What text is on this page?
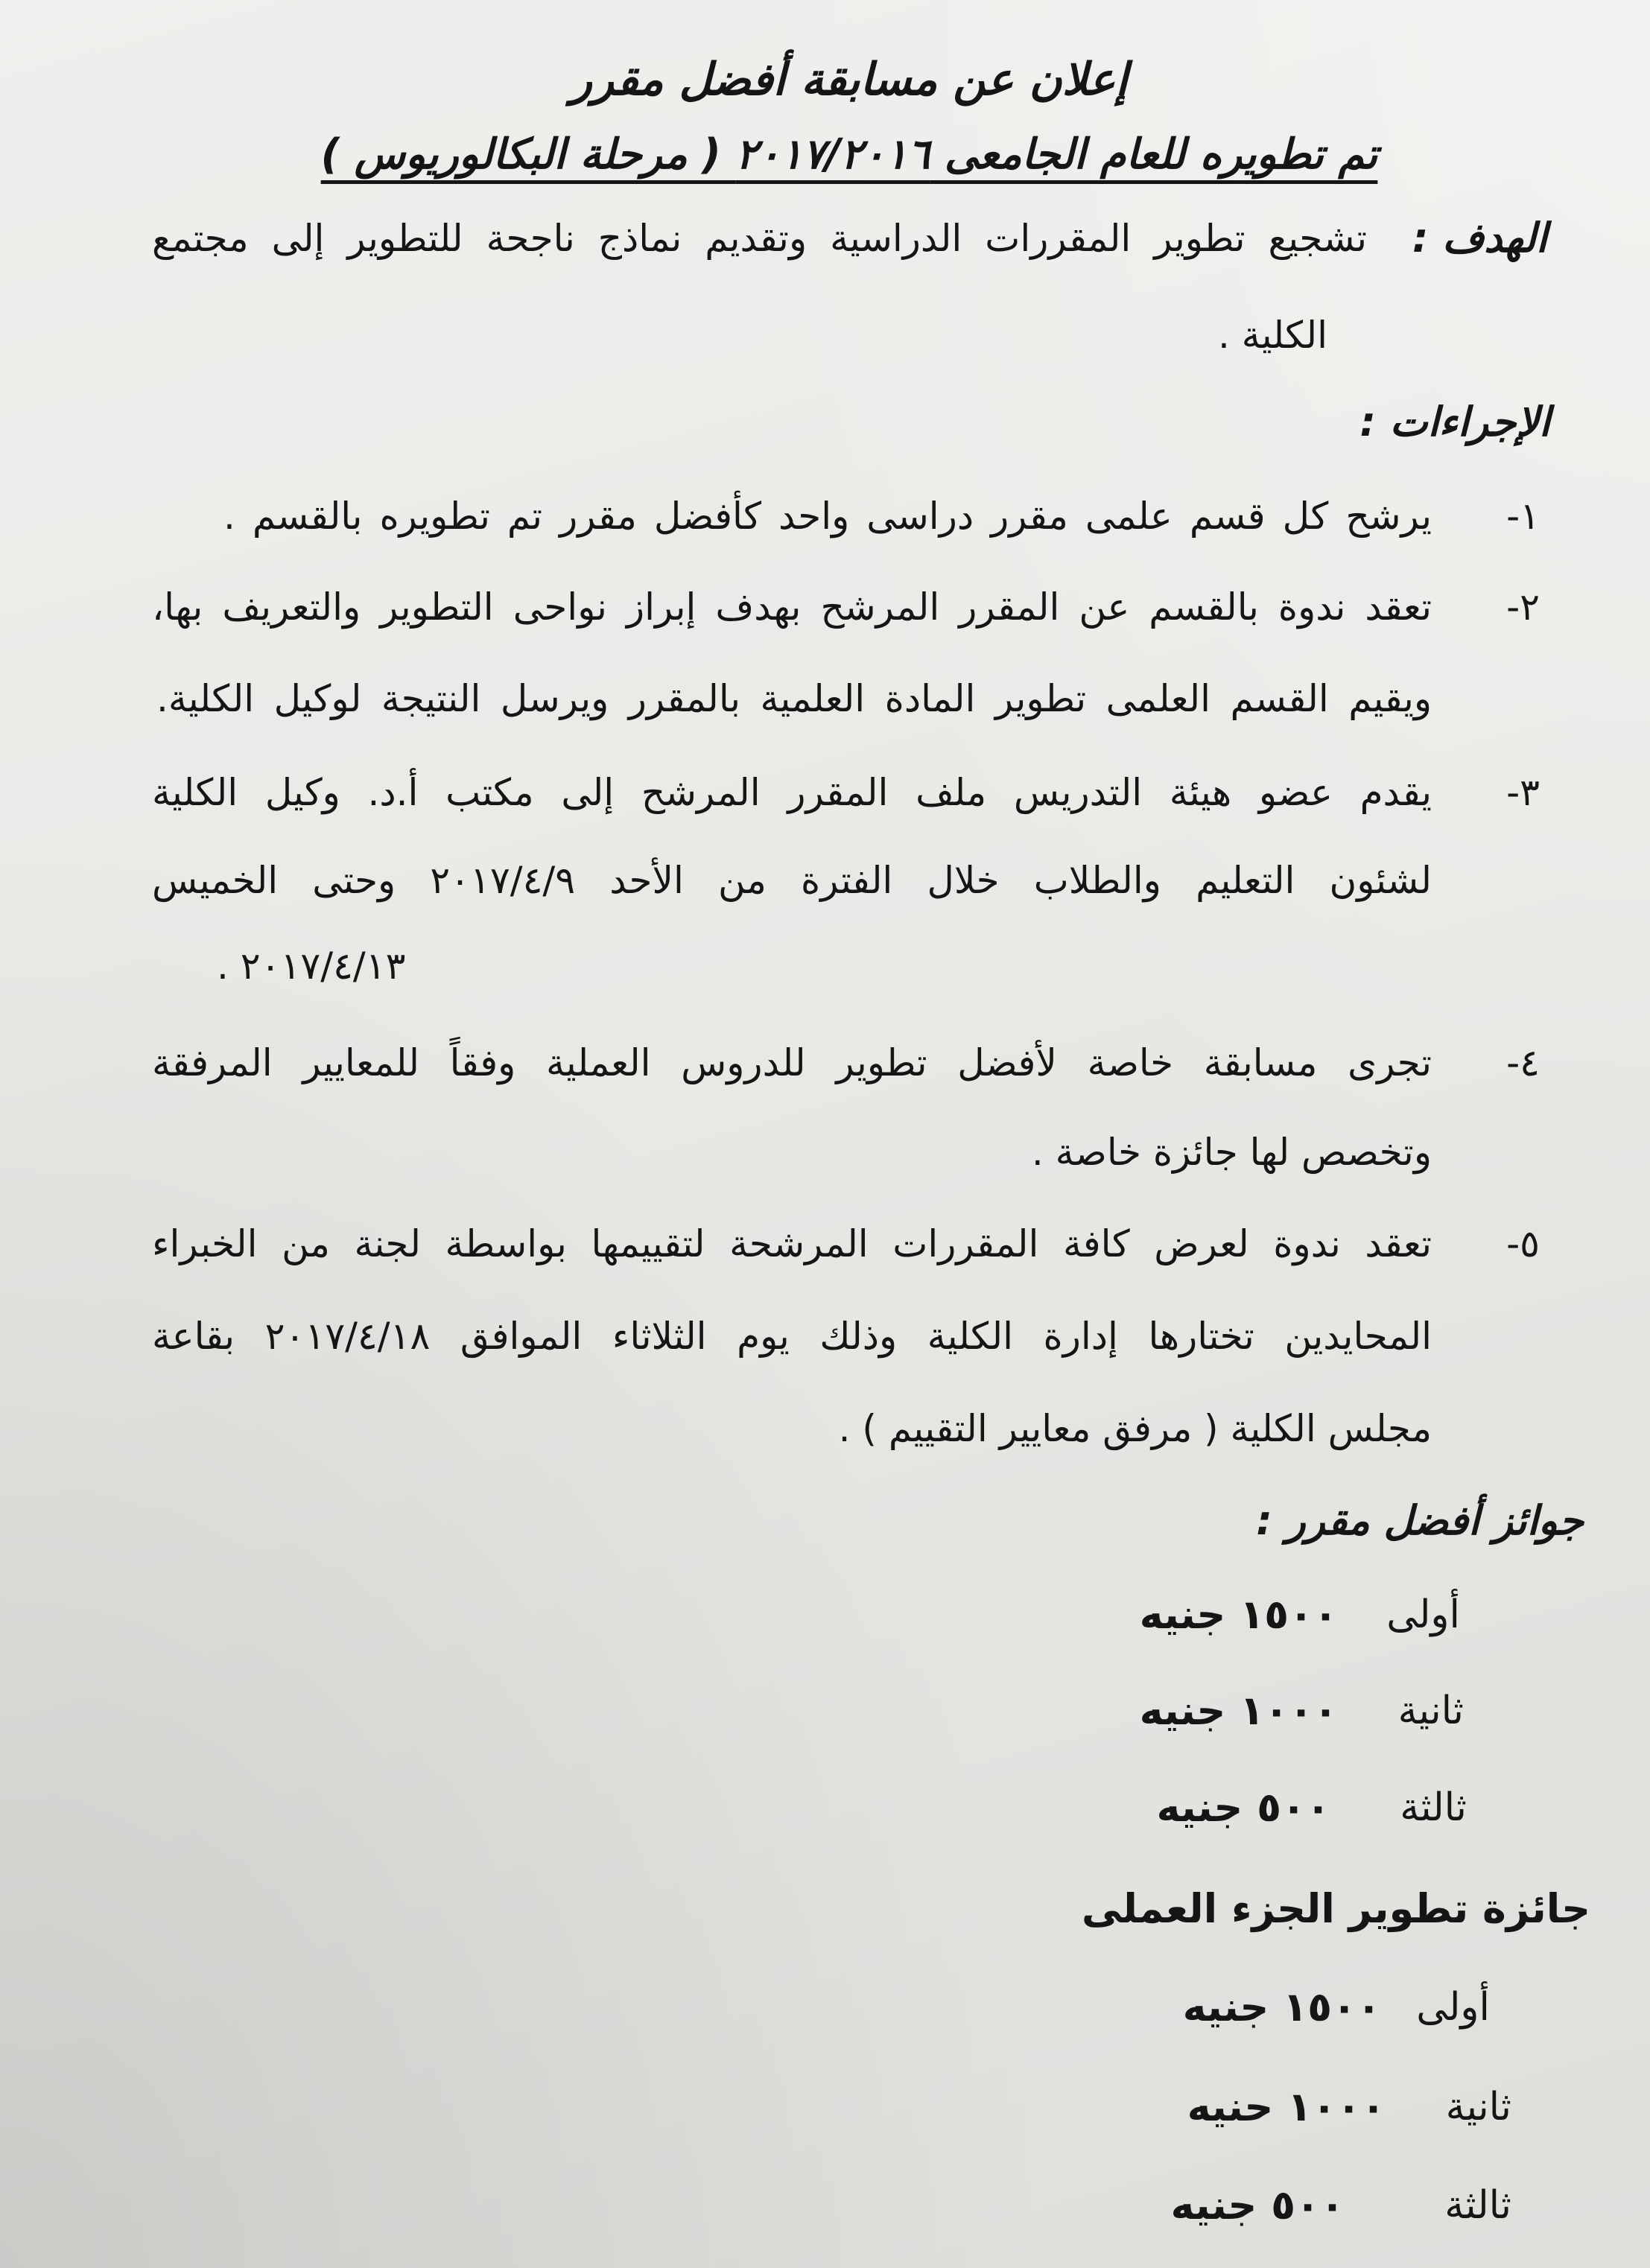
إعلان عن مسابقة أفضل مقرر
تم تطويره للعام الجامعى ٢٠١٧/٢٠١٦ ( مرحلة البكالوريوس )
الهدف :
تشجيع تطوير المقررات الدراسية وتقديم نماذج ناجحة للتطوير إلى مجتمع
الكلية .
الإجراءات :
١-
يرشح كل قسم علمى مقرر دراسى واحد كأفضل مقرر تم تطويره بالقسم .
٢-
تعقد ندوة بالقسم عن المقرر المرشح بهدف إبراز نواحى التطوير والتعريف بها،
ويقيم القسم العلمى تطوير المادة العلمية بالمقرر ويرسل النتيجة لوكيل الكلية.
٣-
يقدم عضو هيئة التدريس ملف المقرر المرشح إلى مكتب أ.د. وكيل الكلية
لشئون التعليم والطلاب خلال الفترة من الأحد ٢٠١٧/٤/٩ وحتى الخميس
٢٠١٧/٤/١٣ .
٤-
تجرى مسابقة خاصة لأفضل تطوير للدروس العملية وفقاً للمعايير المرفقة
وتخصص لها جائزة خاصة .
٥-
تعقد ندوة لعرض كافة المقررات المرشحة لتقييمها بواسطة لجنة من الخبراء
المحايدين تختارها إدارة الكلية وذلك يوم الثلاثاء الموافق ٢٠١٧/٤/١٨ بقاعة
مجلس الكلية ( مرفق معايير التقييم ) .
جوائز أفضل مقرر :
أولى
١٥٠٠ جنيه
ثانية
١٠٠٠ جنيه
ثالثة
٥٠٠ جنيه
جائزة تطوير الجزء العملى
أولى
١٥٠٠ جنيه
ثانية
١٠٠٠ حنيه
ثالثة
٥٠٠ جنيه
